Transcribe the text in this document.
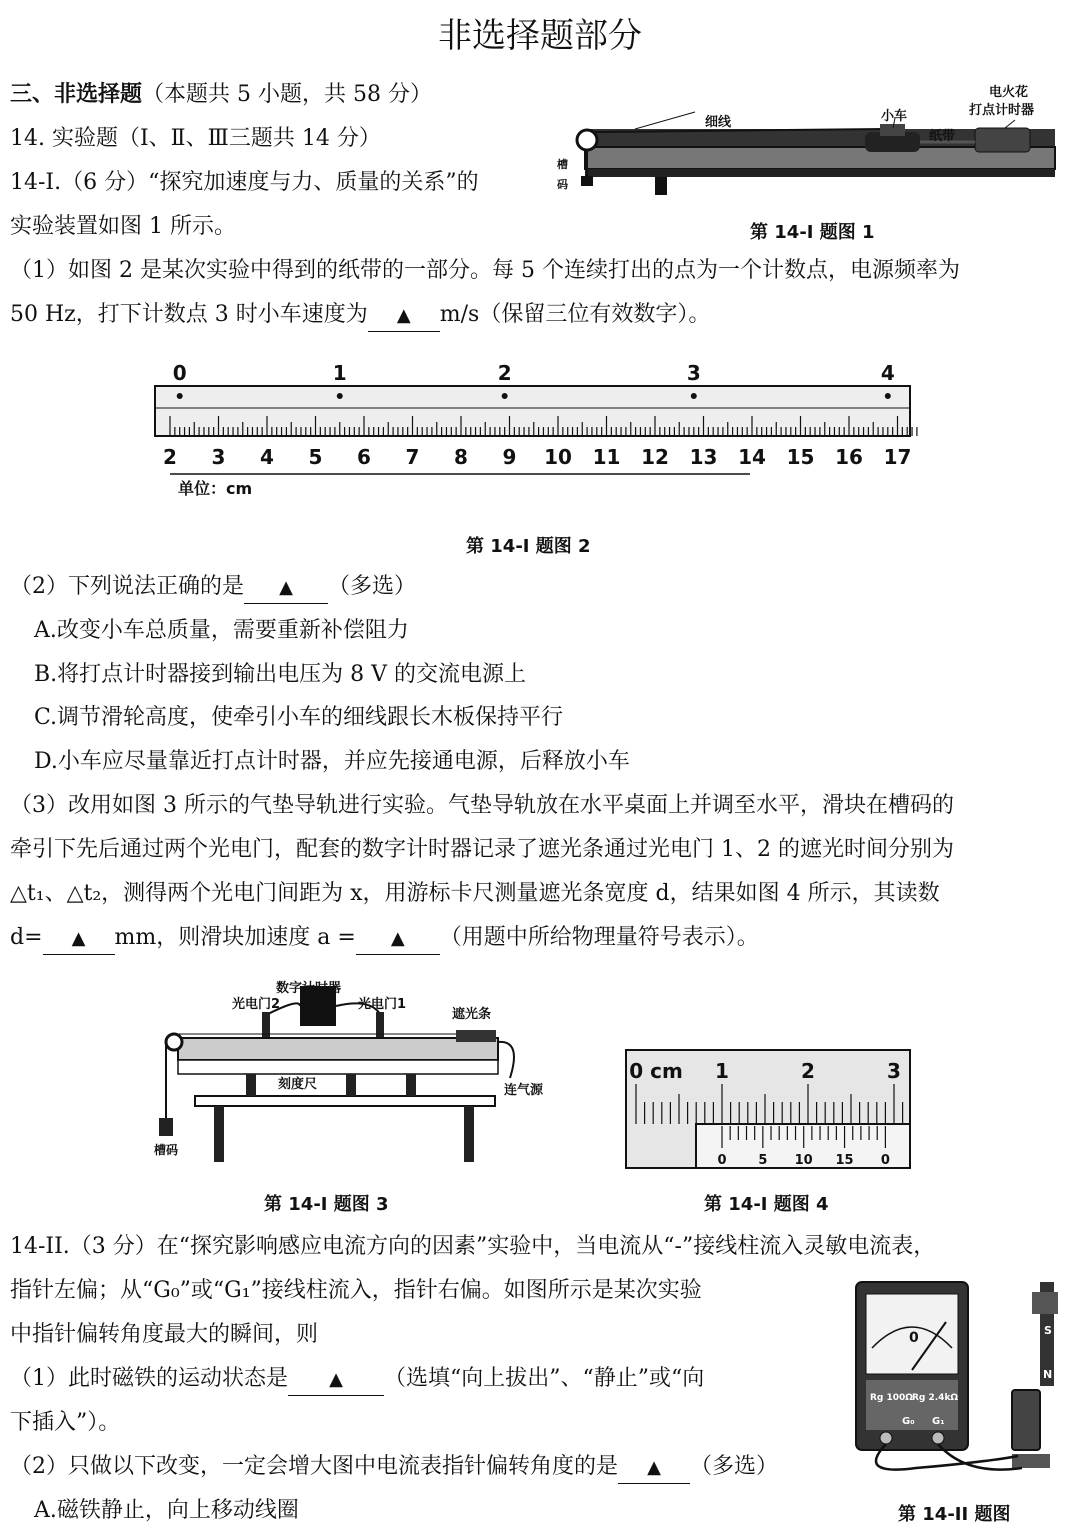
非选择题部分
三、非选择题（本题共 5 小题，共 58 分）
14. 实验题（Ⅰ、Ⅱ、Ⅲ三题共 14 分）
14-I.（6 分）“探究加速度与力、质量的关系”的
实验装置如图 1 所示。
细线	小车
纸带
电火花
打点计时器
槽
码
第 14-I 题图 1
（1）如图 2 是某次实验中得到的纸带的一部分。每 5 个连续打出的点为一个计数点，电源频率为
50 Hz，打下计数点 3 时小车速度为 ▲ m/s（保留三位有效数字）。
0	1	2	3	4
2 3 4 5 6 7 8 9 10 11 12 13 14 15 16 17
单位：cm
第 14-I 题图 2
（2）下列说法正确的是 ▲ （多选）
A.改变小车总质量，需要重新补偿阻力
B.将打点计时器接到输出电压为 8 V 的交流电源上
C.调节滑轮高度，使牵引小车的细线跟长木板保持平行
D.小车应尽量靠近打点计时器，并应先接通电源，后释放小车
（3）改用如图 3 所示的气垫导轨进行实验。气垫导轨放在水平桌面上并调至水平，滑块在槽码的
牵引下先后通过两个光电门，配套的数字计时器记录了遮光条通过光电门 1、2 的遮光时间分别为
△t₁、△t₂，测得两个光电门间距为 x，用游标卡尺测量遮光条宽度 d，结果如图 4 所示，其读数
d= ▲ mm，则滑块加速度 a = ▲ （用题中所给物理量符号表示）。
数字计时器
光电门2	光电门1
遮光条
刻度尺	连气源
槽码
第 14-I 题图 3
0 cm 1	2	3
0 5 10 15 0
第 14-I 题图 4
14-II.（3 分）在“探究影响感应电流方向的因素”实验中，当电流从“-”接线柱流入灵敏电流表，
指针左偏；从“G₀”或“G₁”接线柱流入，指针右偏。如图所示是某次实验
中指针偏转角度最大的瞬间，则
（1）此时磁铁的运动状态是 ▲ （选填“向上拔出”、“静止”或“向
下插入”）。
（2）只做以下改变，一定会增大图中电流表指针偏转角度的是 ▲ （多选）
A.磁铁静止，向上移动线圈
0
Rg 100Ω Rg 2.4kΩ
G₀ G₁
S
N
第 14-II 题图
